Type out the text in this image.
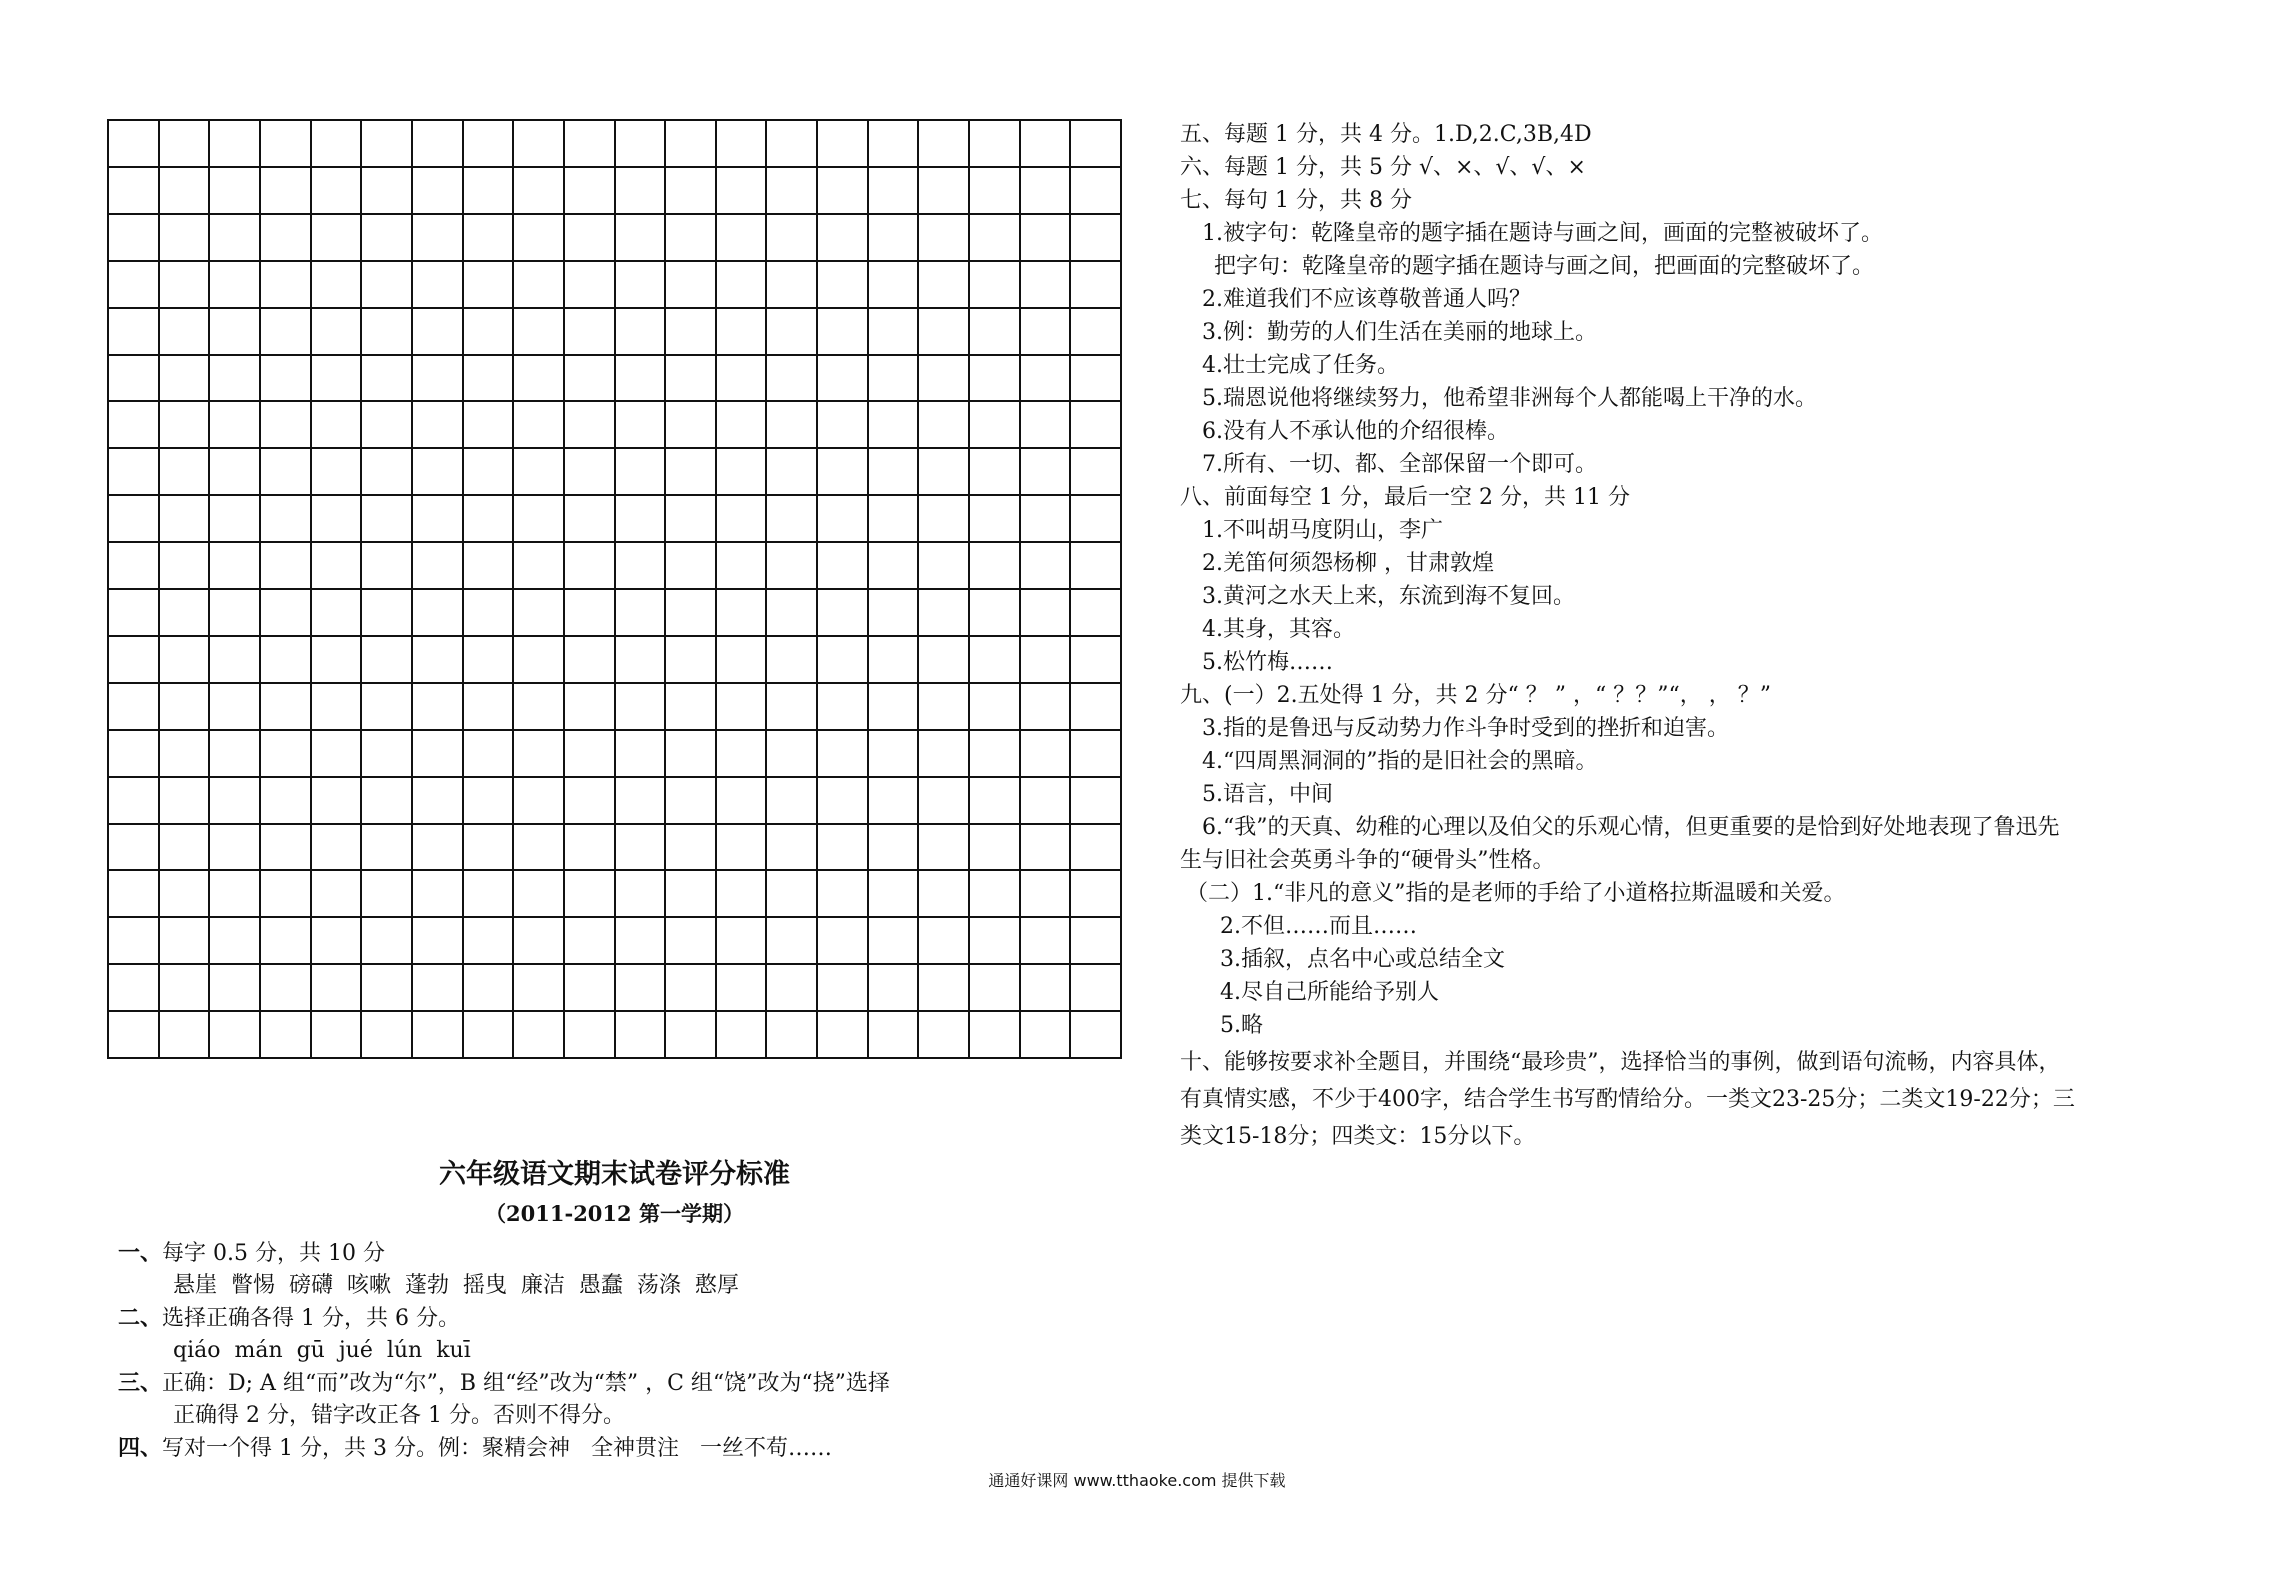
五、每题 1 分，共 4 分。1.D,2.C,3B,4D
六、每题 1 分，共 5 分 √、×、√、√、×
七、每句 1 分，共 8 分
1.被字句：乾隆皇帝的题字插在题诗与画之间，画面的完整被破坏了。
把字句：乾隆皇帝的题字插在题诗与画之间，把画面的完整破坏了。
2.难道我们不应该尊敬普通人吗？
3.例：勤劳的人们生活在美丽的地球上。
4.壮士完成了任务。
5.瑞恩说他将继续努力，他希望非洲每个人都能喝上干净的水。
6.没有人不承认他的介绍很棒。
7.所有、一切、都、全部保留一个即可。
八、前面每空 1 分，最后一空 2 分，共 11 分
1.不叫胡马度阴山，李广
2.羌笛何须怨杨柳 ，甘肃敦煌
3.黄河之水天上来，东流到海不复回。
4.其身，其容。
5.松竹梅……
九、(一）2.五处得 1 分，共 2 分“ ？ ” ，“ ？？”“， ， ？”
3.指的是鲁迅与反动势力作斗争时受到的挫折和迫害。
4.“四周黑洞洞的”指的是旧社会的黑暗。
5.语言，中间
6.“我”的天真、幼稚的心理以及伯父的乐观心情，但更重要的是恰到好处地表现了鲁迅先
生与旧社会英勇斗争的“硬骨头”性格。
（二）1.“非凡的意义”指的是老师的手给了小道格拉斯温暖和关爱。
2.不但……而且……
3.插叙，点名中心或总结全文
4.尽自己所能给予别人
5.略
十、能够按要求补全题目，并围绕“最珍贵”，选择恰当的事例，做到语句流畅，内容具体，
有真情实感，不少于400字，结合学生书写酌情给分。一类文23-25分；二类文19-22分；三
类文15-18分；四类文：15分以下。
六年级语文期末试卷评分标准
（2011-2012 第一学期）
一、每字 0.5 分，共 10 分
悬崖  瞥惕  磅礴  咳嗽  蓬勃  摇曳  廉洁  愚蠢  荡涤  憨厚
二、选择正确各得 1 分，共 6 分。
qiáo  mán  gū  jué  lún  kuī
三、正确：D; A 组“而”改为“尔”，B 组“经”改为“禁” ，C 组“饶”改为“挠”选择
正确得 2 分，错字改正各 1 分。否则不得分。
四、写对一个得 1 分，共 3 分。例：聚精会神   全神贯注   一丝不苟……
通通好课网 www.tthaoke.com 提供下载
